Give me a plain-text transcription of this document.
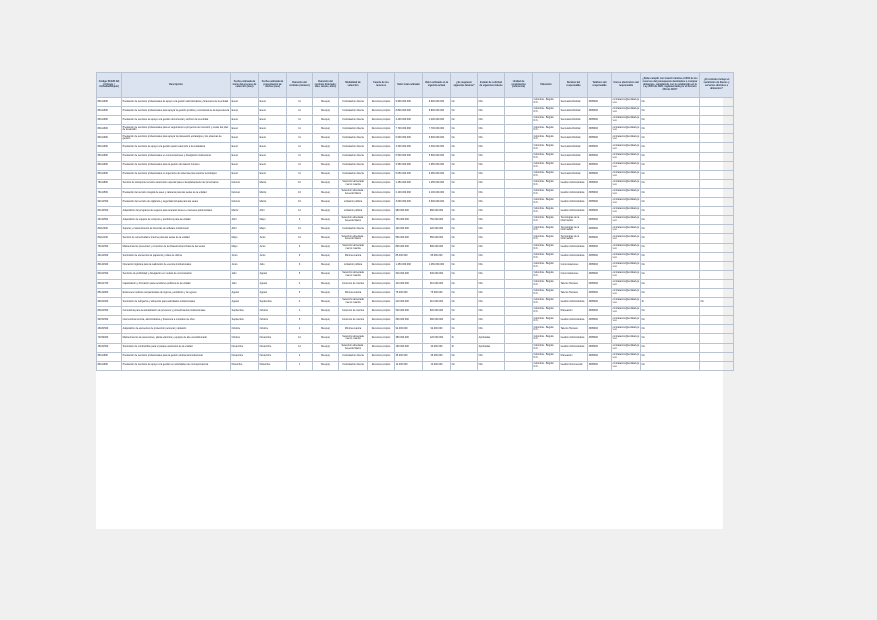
Código SEGPLAN (Artículo / Actividad/Objeto)	Descripción	Fecha estimada de inicio del proceso de selección (mes)	Fecha estimada de presentación de ofertas (mes)	Duración del contrato (número)	Duración del contrato (intervalo: días, meses, años)	Modalidad de selección	Fuente de los recursos	Valor total estimado	Valor estimado en la vigencia actual	¿Se requieren vigencias futuras?	Estado de solicitud de vigencias futuras	Unidad de contratación (referencia)	Ubicación	Nombre del responsable	Teléfono del responsable	Correo electrónico del responsable	¿Debe cumplir con invertir mínimo el 30% de los recursos del presupuesto destinados a comprar alimentos, cumpliendo con lo establecido en la Ley 2046 de 2020, reglamentada por el Decreto 248 de 2021?	¿El contrato incluye el suministro de bienes y servicios distintos a alimentos?
80111600	Prestación de servicios profesionales de apoyo a la gestión administrativa y financiera de la entidad	Enero	Enero	11	Mes(es)	Contratación directa	Recursos propios	9.900.000.000	9.900.000.000	No	N/A		Colombia - Bogotá D.C.	Secretaría Distrital	3385000	contratacion@entidad.gov.co	No	
80111600	Prestación de servicios profesionales para apoyar la gestión jurídica y contractual de la dependencia	Enero	Enero	11	Mes(es)	Contratación directa	Recursos propios	8.800.000.000	8.800.000.000	No	N/A		Colombia - Bogotá D.C.	Secretaría Distrital	3385000	contratacion@entidad.gov.co	No	
80111600	Prestación de servicios de apoyo a la gestión documental y archivo de la entidad	Enero	Enero	11	Mes(es)	Contratación directa	Recursos propios	4.400.000.000	4.400.000.000	No	N/A		Colombia - Bogotá D.C.	Secretaría Distrital	3385000	contratacion@entidad.gov.co	No	
80111600	Prestación de servicios profesionales para el seguimiento a proyectos de inversión y metas del plan de desarrollo	Enero	Enero	11	Mes(es)	Contratación directa	Recursos propios	7.700.000.000	7.700.000.000	No	N/A		Colombia - Bogotá D.C.	Secretaría Distrital	3385000	contratacion@entidad.gov.co	No	
80111600	Prestación de servicios profesionales para apoyar la planeación estratégica y los sistemas de gestión	Enero	Enero	11	Mes(es)	Contratación directa	Recursos propios	6.600.000.000	6.600.000.000	No	N/A		Colombia - Bogotá D.C.	Secretaría Distrital	3385000	contratacion@entidad.gov.co	No	
80111600	Prestación de servicios de apoyo a la gestión para la atención a la ciudadanía	Enero	Enero	11	Mes(es)	Contratación directa	Recursos propios	3.300.000.000	3.300.000.000	No	N/A		Colombia - Bogotá D.C.	Secretaría Distrital	3385000	contratacion@entidad.gov.co	No	
80111600	Prestación de servicios profesionales en comunicaciones y divulgación institucional	Enero	Enero	11	Mes(es)	Contratación directa	Recursos propios	5.500.000.000	5.500.000.000	No	N/A		Colombia - Bogotá D.C.	Secretaría Distrital	3385000	contratacion@entidad.gov.co	No	
80111600	Prestación de servicios profesionales para la gestión del talento humano	Enero	Enero	11	Mes(es)	Contratación directa	Recursos propios	4.950.000.000	4.950.000.000	No	N/A		Colombia - Bogotá D.C.	Secretaría Distrital	3385000	contratacion@entidad.gov.co	No	
80111600	Prestación de servicios profesionales en ingeniería de sistemas para soporte tecnológico	Enero	Enero	11	Mes(es)	Contratación directa	Recursos propios	6.050.000.000	6.050.000.000	No	N/A		Colombia - Bogotá D.C.	Secretaría Distrital	3385000	contratacion@entidad.gov.co	No	
78111800	Servicio de transporte terrestre automotor especial para el desplazamiento de funcionarios	Febrero	Marzo	10	Mes(es)	Selección abreviada menor cuantía	Recursos propios	1.250.000.000	1.250.000.000	No	N/A		Colombia - Bogotá D.C.	Gestión Administrativa	3385000	contratacion@entidad.gov.co	No	
76111500	Prestación del servicio integral de aseo y cafetería para las sedes de la entidad	Febrero	Marzo	10	Mes(es)	Selección abreviada - Acuerdo Marco	Recursos propios	2.100.000.000	2.100.000.000	No	N/A		Colombia - Bogotá D.C.	Gestión Administrativa	3385000	contratacion@entidad.gov.co	No	
92121500	Prestación del servicio de vigilancia y seguridad privada para las sedes	Febrero	Marzo	10	Mes(es)	Licitación pública	Recursos propios	3.600.000.000	3.600.000.000	No	N/A		Colombia - Bogotá D.C.	Gestión Administrativa	3385000	contratacion@entidad.gov.co	No	
84131500	Adquisición del programa de seguros para amparar bienes e intereses patrimoniales	Marzo	Abril	12	Mes(es)	Licitación pública	Recursos propios	980.000.000	980.000.000	No	N/A		Colombia - Bogotá D.C.	Gestión Administrativa	3385000	contratacion@entidad.gov.co	No	
43211500	Adquisición de equipos de cómputo y periféricos para la entidad	Abril	Mayo	3	Mes(es)	Selección abreviada - Acuerdo Marco	Recursos propios	750.000.000	750.000.000	No	N/A		Colombia - Bogotá D.C.	Tecnologías de la Información	3385000	contratacion@entidad.gov.co	No	
81112200	Soporte y mantenimiento de licencias de software institucional	Abril	Mayo	12	Mes(es)	Contratación directa	Recursos propios	420.000.000	420.000.000	No	N/A		Colombia - Bogotá D.C.	Tecnologías de la Información	3385000	contratacion@entidad.gov.co	No	
81112100	Servicio de conectividad e internet para las sedes de la entidad	Mayo	Junio	12	Mes(es)	Selección abreviada - Acuerdo Marco	Recursos propios	560.000.000	560.000.000	No	N/A		Colombia - Bogotá D.C.	Tecnologías de la Información	3385000	contratacion@entidad.gov.co	No	
72101500	Mantenimiento preventivo y correctivo de la infraestructura física de las sedes	Mayo	Junio	6	Mes(es)	Selección abreviada menor cuantía	Recursos propios	890.000.000	890.000.000	No	N/A		Colombia - Bogotá D.C.	Gestión Administrativa	3385000	contratacion@entidad.gov.co	No	
44121600	Suministro de elementos de papelería y útiles de oficina	Junio	Junio	6	Mes(es)	Mínima cuantía	Recursos propios	85.000.000	85.000.000	No	N/A		Colombia - Bogotá D.C.	Gestión Administrativa	3385000	contratacion@entidad.gov.co	No	
80141600	Operación logística para la realización de eventos institucionales	Junio	Julio	6	Mes(es)	Licitación pública	Recursos propios	1.450.000.000	1.450.000.000	No	N/A		Colombia - Bogotá D.C.	Comunicaciones	3385000	contratacion@entidad.gov.co	No	
82101500	Servicios de publicidad y divulgación en medios de comunicación	Julio	Agosto	5	Mes(es)	Selección abreviada menor cuantía	Recursos propios	640.000.000	640.000.000	No	N/A		Colombia - Bogotá D.C.	Comunicaciones	3385000	contratacion@entidad.gov.co	No	
86101700	Capacitación y formación para servidores públicos de la entidad	Julio	Agosto	4	Mes(es)	Concurso de méritos	Recursos propios	310.000.000	310.000.000	No	N/A		Colombia - Bogotá D.C.	Talento Humano	3385000	contratacion@entidad.gov.co	No	
85121800	Exámenes médicos ocupacionales de ingreso, periódicos y de egreso	Agosto	Agosto	5	Mes(es)	Mínima cuantía	Recursos propios	75.000.000	75.000.000	No	N/A		Colombia - Bogotá D.C.	Talento Humano	3385000	contratacion@entidad.gov.co	No	
90101600	Suministro de refrigerios y alimentos para actividades institucionales	Agosto	Septiembre	4	Mes(es)	Selección abreviada menor cuantía	Recursos propios	210.000.000	210.000.000	No	N/A		Colombia - Bogotá D.C.	Gestión Administrativa	3385000	contratacion@entidad.gov.co	Sí	No
80101500	Consultoría para la actualización de procesos y procedimientos institucionales	Septiembre	Octubre	4	Mes(es)	Concurso de méritos	Recursos propios	520.000.000	520.000.000	No	N/A		Colombia - Bogotá D.C.	Planeación	3385000	contratacion@entidad.gov.co	No	
93151500	Interventoría técnica, administrativa y financiera a contratos de obra	Septiembre	Octubre	5	Mes(es)	Concurso de méritos	Recursos propios	690.000.000	690.000.000	No	N/A		Colombia - Bogotá D.C.	Gestión Administrativa	3385000	contratacion@entidad.gov.co	No	
46181500	Adquisición de elementos de protección personal y dotación	Octubre	Octubre	2	Mes(es)	Mínima cuantía	Recursos propios	92.000.000	92.000.000	No	N/A		Colombia - Bogotá D.C.	Talento Humano	3385000	contratacion@entidad.gov.co	No	
72154000	Mantenimiento de ascensores, planta eléctrica y equipos de aire acondicionado	Octubre	Noviembre	12	Mes(es)	Selección abreviada menor cuantía	Recursos propios	380.000.000	120.000.000	Sí	Aprobadas		Colombia - Bogotá D.C.	Gestión Administrativa	3385000	contratacion@entidad.gov.co	No	
15101500	Suministro de combustible para el parque automotor de la entidad	Noviembre	Noviembre	12	Mes(es)	Selección abreviada - Acuerdo Marco	Recursos propios	160.000.000	40.000.000	Sí	Aprobadas		Colombia - Bogotá D.C.	Gestión Administrativa	3385000	contratacion@entidad.gov.co	No	
80111600	Prestación de servicios profesionales para la gestión ambiental institucional	Noviembre	Noviembre	2	Mes(es)	Contratación directa	Recursos propios	35.000.000	35.000.000	No	N/A		Colombia - Bogotá D.C.	Planeación	3385000	contratacion@entidad.gov.co	No	
80111600	Prestación de servicios de apoyo a la gestión en actividades de correspondencia	Diciembre	Diciembre	1	Mes(es)	Contratación directa	Recursos propios	12.000.000	12.000.000	No	N/A		Colombia - Bogotá D.C.	Gestión Documental	3385000	contratacion@entidad.gov.co	No	
